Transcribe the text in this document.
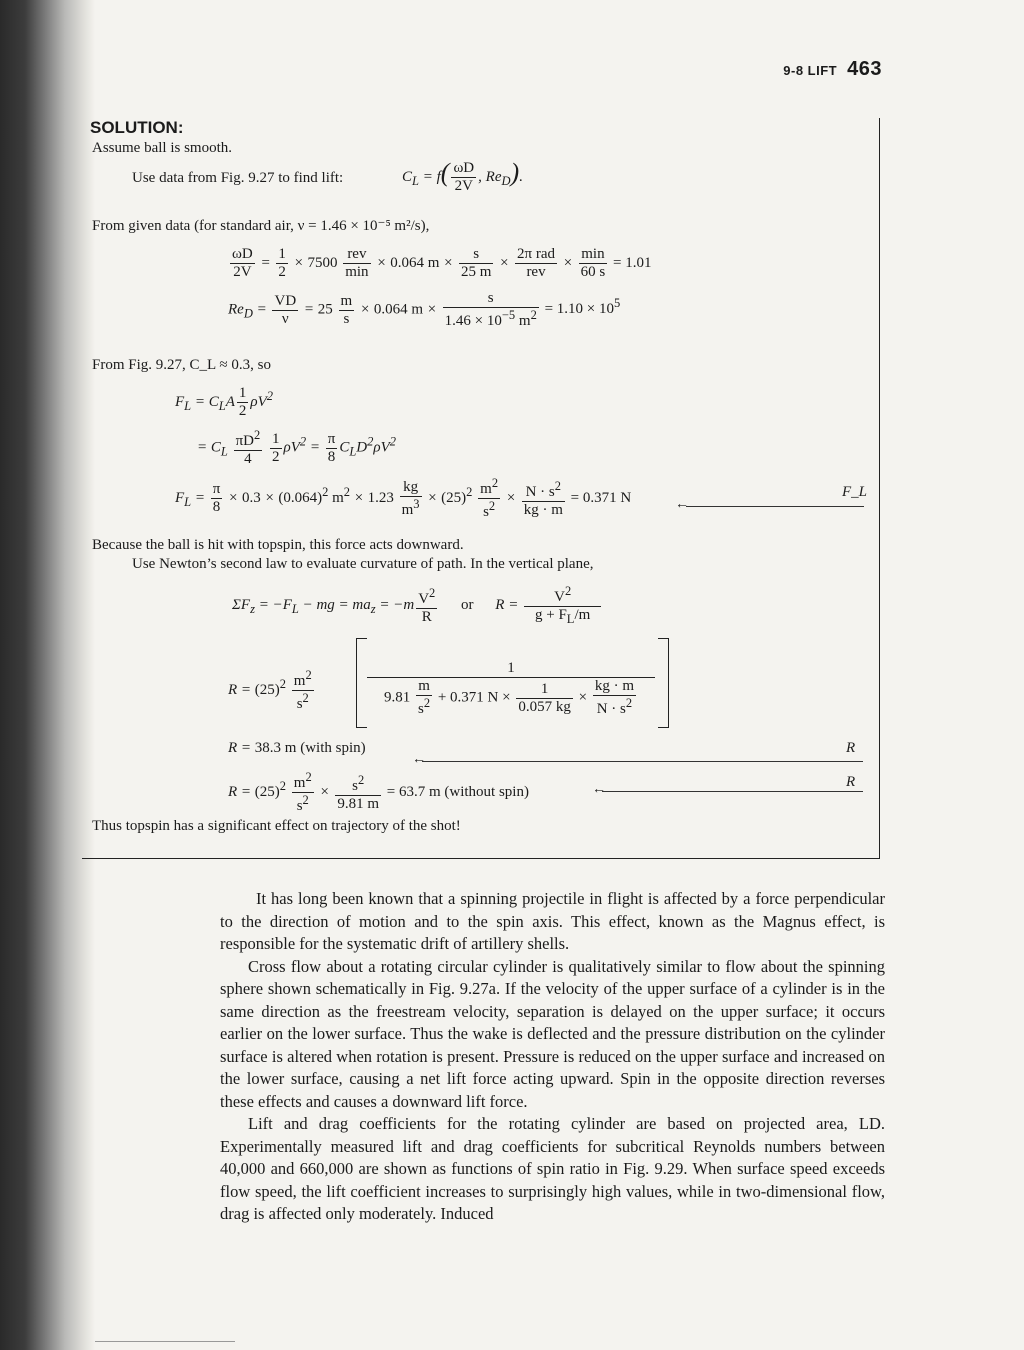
9-8 LIFT 463
SOLUTION:
Assume ball is smooth.
Use data from Fig. 9.27 to find lift:	$C_L = f( \frac{\omega D}{2V}$ , $Re_D$).
From given data (for standard air, ν = 1.46 × 10⁻⁵ m²/s),
$\frac{\omega D}{2V} = \frac{1}{2} \times 7500 \frac{\text{rev}}{\min} \times 0.064$ $m \times \frac{s}{25 m} \times \frac{\text{2π rad}}{\text{rev}} \times \frac{\min}{60 s} = 1.01$
$Re_D = \frac{VD}{\nu} = 25 \frac{m}{s} \times 0.064$ $m \times \frac{s}{1.46 \times 10^{-5} m^2} = 1.10 \times 10^5$
From Fig. 9.27, C_L ≈ 0.3, so
$F_L = C_LA \frac{1}{2} \rho V^2$
= $C_L \frac{\pi D^2}{4}$
$\frac{1}{2} \rho V^2 = \frac{\pi}{8} C_LD^2\rho V^2$
$F_L = \frac{\pi}{8} \times 0.3 \times (0.064)^2$ $m^2 \times 1.23 \frac{kg}{m^3} \times (25)^2 \frac{m^2}{s^2} \times \frac{N \cdot s^2}{kg \cdot m} = 0.371$ N	←
F_L
Because the ball is hit with topspin, this force acts downward.
Use Newton’s second law to evaluate curvature of path. In the vertical plane,
$\Sigma F_z = -F_L$ − mg = $ma_z = -m \frac{V^2}{R}$ or $R = \frac{V^2}{g + F_L/m}$
$R = (25)^2 \frac{m^2}{s^2}$	$\frac{1}{9.81 \frac{m}{s^2} + 0.371 N \times \frac{1}{0.057 kg} \times \frac{kg \cdot m}{N \cdot s^2}}$
R = 38.3 m (with spin)
←
R
$R = (25)^2 \frac{m^2}{s^2} \times \frac{s^2}{9.81 m} = 63.7$ m (without spin)	←	R
Thus topspin has a significant effect on trajectory of the shot!

It has long been known that a spinning projectile in flight is affected by a force perpendicular to the direction of motion and to the spin axis. This effect, known as the Magnus effect, is responsible for the systematic drift of artillery shells.

Cross flow about a rotating circular cylinder is qualitatively similar to flow about the spinning sphere shown schematically in Fig. 9.27a. If the velocity of the upper surface of a cylinder is in the same direction as the freestream velocity, separation is delayed on the upper surface; it occurs earlier on the lower surface. Thus the wake is deflected and the pressure distribution on the cylinder surface is altered when rotation is present. Pressure is reduced on the upper surface and increased on the lower surface, causing a net lift force acting upward. Spin in the opposite direction reverses these effects and causes a downward lift force.

Lift and drag coefficients for the rotating cylinder are based on projected area, LD. Experimentally measured lift and drag coefficients for subcritical Reynolds numbers between 40,000 and 660,000 are shown as functions of spin ratio in Fig. 9.29. When surface speed exceeds flow speed, the lift coefficient increases to surprisingly high values, while in two-dimensional flow, drag is affected only moderately. Induced
